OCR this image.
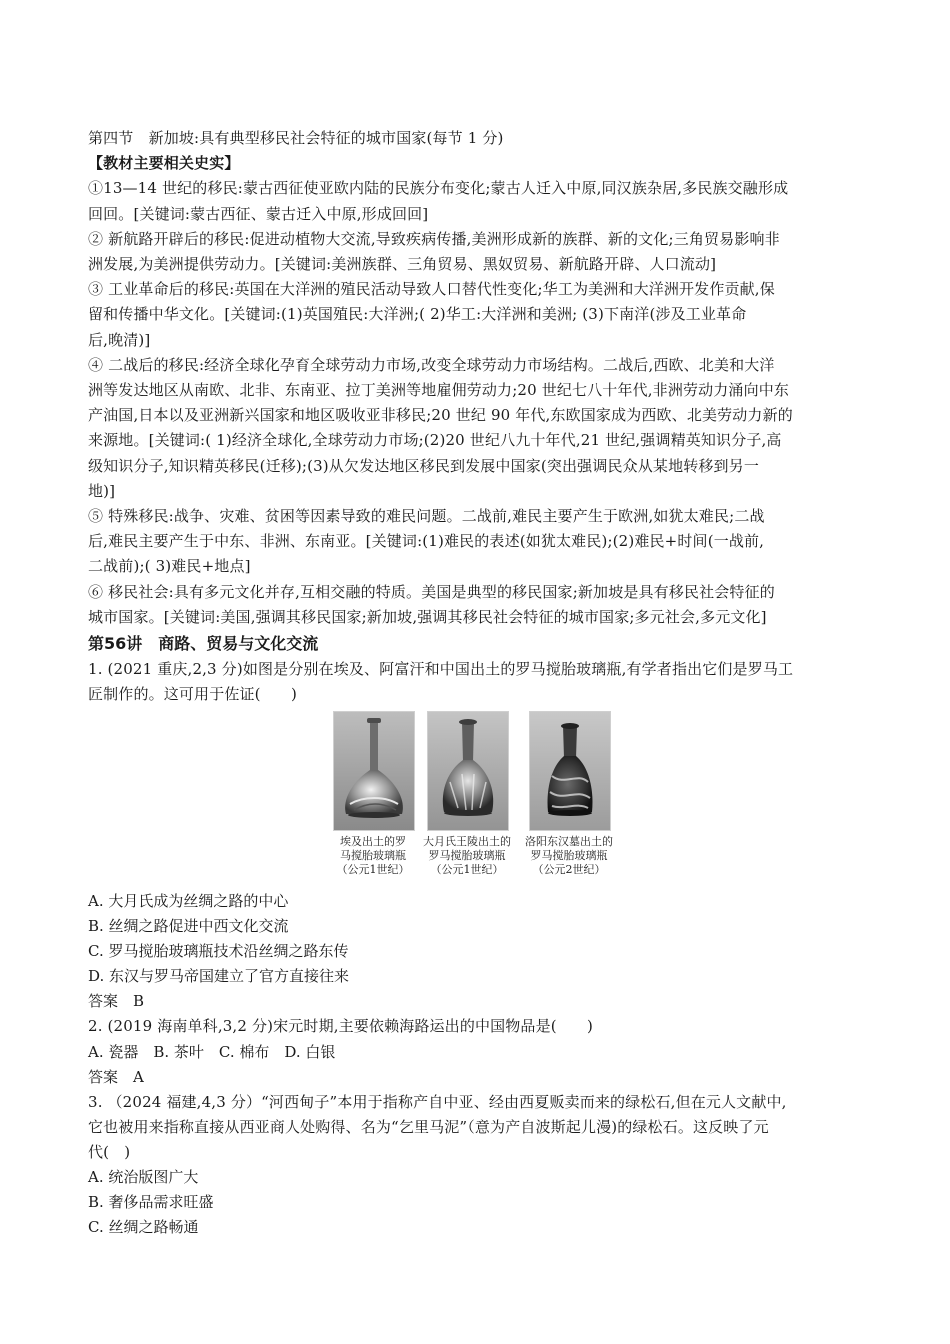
第四节　新加坡:具有典型移民社会特征的城市国家(每节 1 分)

【教材主要相关史实】

①13—14 世纪的移民:蒙古西征使亚欧内陆的民族分布变化;蒙古人迁入中原,同汉族杂居,多民族交融形成

回回。[关键词:蒙古西征、蒙古迁入中原,形成回回]

② 新航路开辟后的移民:促进动植物大交流,导致疾病传播,美洲形成新的族群、新的文化;三角贸易影响非

洲发展,为美洲提供劳动力。[关键词:美洲族群、三角贸易、黑奴贸易、新航路开辟、人口流动]

③ 工业革命后的移民:英国在大洋洲的殖民活动导致人口替代性变化;华工为美洲和大洋洲开发作贡献,保

留和传播中华文化。[关键词:(1)英国殖民:大洋洲;( 2)华工:大洋洲和美洲; (3)下南洋(涉及工业革命

后,晚清)]

④ 二战后的移民:经济全球化孕育全球劳动力市场,改变全球劳动力市场结构。二战后,西欧、北美和大洋

洲等发达地区从南欧、北非、东南亚、拉丁美洲等地雇佣劳动力;20 世纪七八十年代,非洲劳动力涌向中东

产油国,日本以及亚洲新兴国家和地区吸收亚非移民;20 世纪 90 年代,东欧国家成为西欧、北美劳动力新的

来源地。[关键词:( 1)经济全球化,全球劳动力市场;(2)20 世纪八九十年代,21 世纪,强调精英知识分子,高

级知识分子,知识精英移民(迁移);(3)从欠发达地区移民到发展中国家(突出强调民众从某地转移到另一

地)]

⑤ 特殊移民:战争、灾难、贫困等因素导致的难民问题。二战前,难民主要产生于欧洲,如犹太难民;二战

后,难民主要产生于中东、非洲、东南亚。[关键词:(1)难民的表述(如犹太难民);(2)难民+时间(一战前,

二战前);( 3)难民+地点]

⑥ 移民社会:具有多元文化并存,互相交融的特质。美国是典型的移民国家;新加坡是具有移民社会特征的

城市国家。[关键词:美国,强调其移民国家;新加坡,强调其移民社会特征的城市国家;多元社会,多元文化]

第56讲　商路、贸易与文化交流

1. (2021 重庆,2,3 分)如图是分别在埃及、阿富汗和中国出土的罗马搅胎玻璃瓶,有学者指出它们是罗马工

匠制作的。这可用于佐证(　　)

埃及出土的罗
马搅胎玻璃瓶
（公元1世纪）
大月氏王陵出土的
罗马搅胎玻璃瓶
（公元1世纪）
洛阳东汉墓出土的
罗马搅胎玻璃瓶
（公元2世纪）

A. 大月氏成为丝绸之路的中心

B. 丝绸之路促进中西文化交流

C. 罗马搅胎玻璃瓶技术沿丝绸之路东传

D. 东汉与罗马帝国建立了官方直接往来

答案　B

2. (2019 海南单科,3,2 分)宋元时期,主要依赖海路运出的中国物品是(　　)

A. 瓷器　B. 茶叶　C. 棉布　D. 白银

答案　A

3. （2024 福建,4,3 分）“河西甸子”本用于指称产自中亚、经由西夏贩卖而来的绿松石,但在元人文献中,

它也被用来指称直接从西亚商人处购得、名为“乞里马泥”（意为产自波斯起儿漫)的绿松石。这反映了元

代(　)

A. 统治版图广大

B. 奢侈品需求旺盛

C. 丝绸之路畅通
